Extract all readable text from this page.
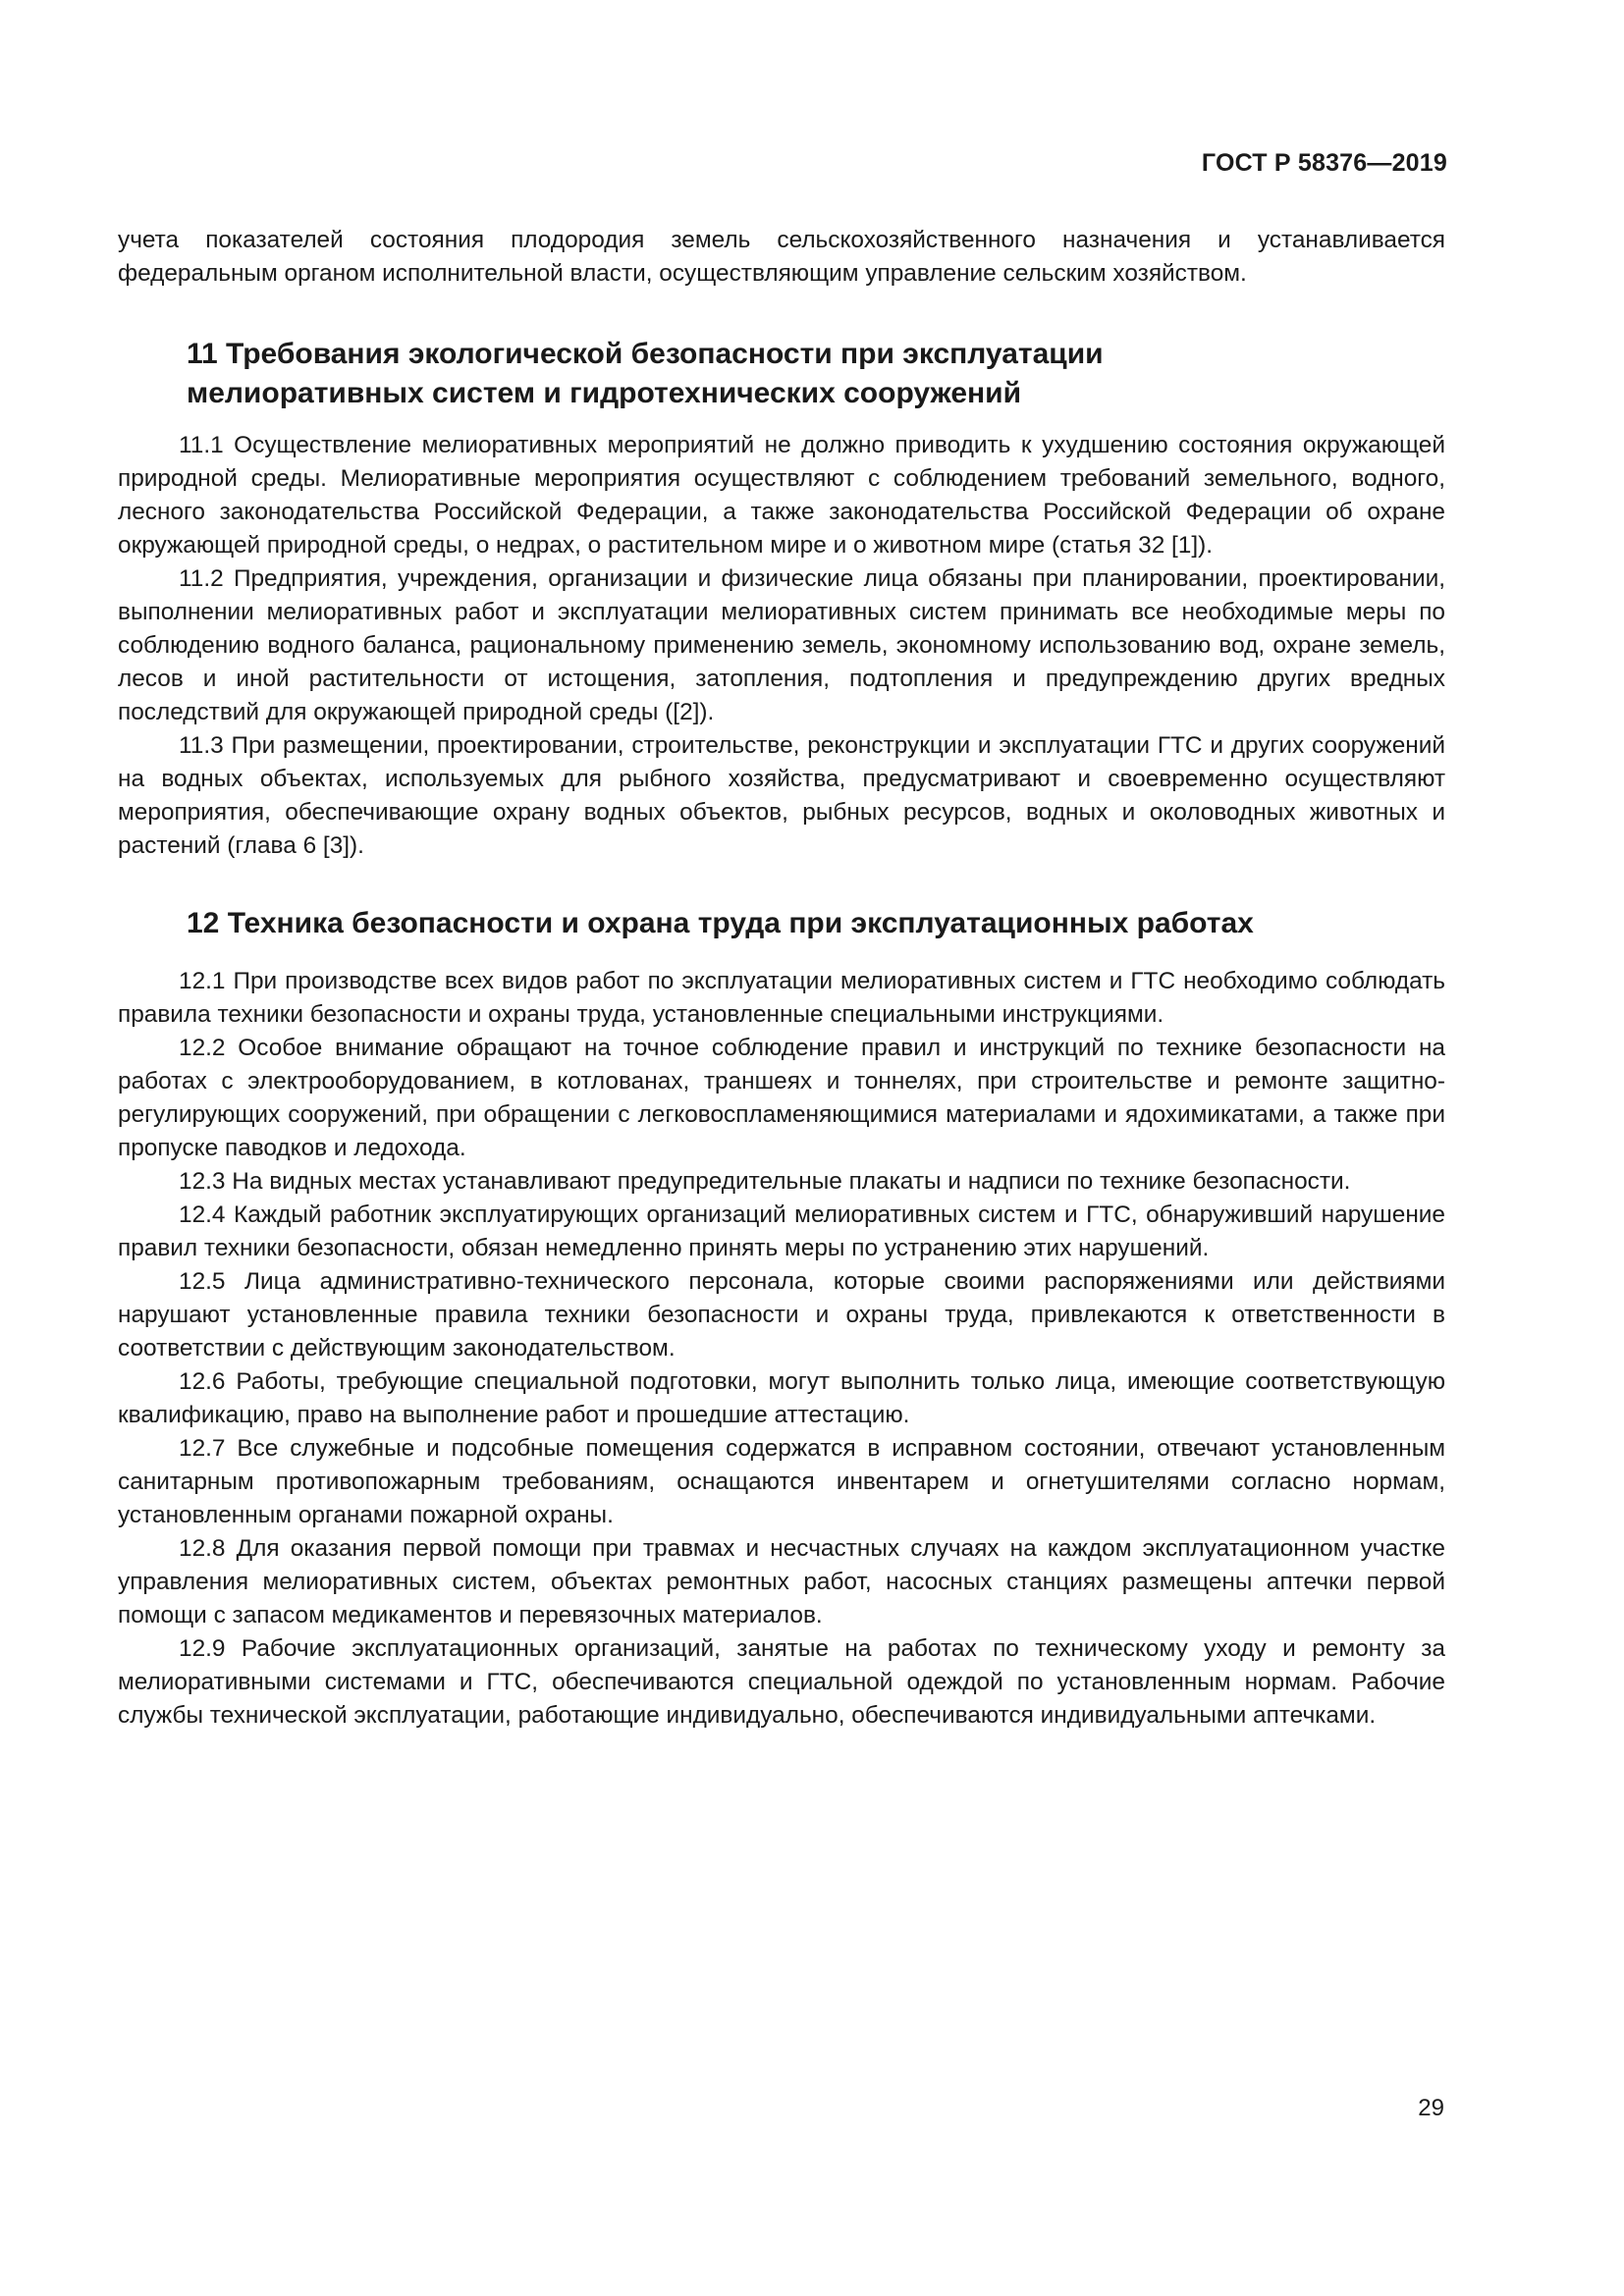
ГОСТ Р 58376—2019

учета показателей состояния плодородия земель сельскохозяйственного назначения и устанавливается федеральным органом исполнительной власти, осуществляющим управление сельским хозяйством.

11 Требования экологической безопасности при эксплуатации
мелиоративных систем и гидротехнических сооружений

11.1 Осуществление мелиоративных мероприятий не должно приводить к ухудшению состояния окружающей природной среды. Мелиоративные мероприятия осуществляют с соблюдением требований земельного, водного, лесного законодательства Российской Федерации, а также законодательства Российской Федерации об охране окружающей природной среды, о недрах, о растительном мире и о животном мире (статья 32 [1]).

11.2 Предприятия, учреждения, организации и физические лица обязаны при планировании, проектировании, выполнении мелиоративных работ и эксплуатации мелиоративных систем принимать все необходимые меры по соблюдению водного баланса, рациональному применению земель, экономному использованию вод, охране земель, лесов и иной растительности от истощения, затопления, подтопления и предупреждению других вредных последствий для окружающей природной среды ([2]).

11.3 При размещении, проектировании, строительстве, реконструкции и эксплуатации ГТС и других сооружений на водных объектах, используемых для рыбного хозяйства, предусматривают и своевременно осуществляют мероприятия, обеспечивающие охрану водных объектов, рыбных ресурсов, водных и околоводных животных и растений (глава 6 [3]).

12 Техника безопасности и охрана труда при эксплуатационных работах

12.1 При производстве всех видов работ по эксплуатации мелиоративных систем и ГТС необходимо соблюдать правила техники безопасности и охраны труда, установленные специальными инструкциями.

12.2 Особое внимание обращают на точное соблюдение правил и инструкций по технике безопасности на работах с электрооборудованием, в котлованах, траншеях и тоннелях, при строительстве и ремонте защитно-регулирующих сооружений, при обращении с легковоспламеняющимися материалами и ядохимикатами, а также при пропуске паводков и ледохода.

12.3 На видных местах устанавливают предупредительные плакаты и надписи по технике безопасности.

12.4 Каждый работник эксплуатирующих организаций мелиоративных систем и ГТС, обнаруживший нарушение правил техники безопасности, обязан немедленно принять меры по устранению этих нарушений.

12.5 Лица административно-технического персонала, которые своими распоряжениями или действиями нарушают установленные правила техники безопасности и охраны труда, привлекаются к ответственности в соответствии с действующим законодательством.

12.6 Работы, требующие специальной подготовки, могут выполнить только лица, имеющие соответствующую квалификацию, право на выполнение работ и прошедшие аттестацию.

12.7 Все служебные и подсобные помещения содержатся в исправном состоянии, отвечают установленным санитарным противопожарным требованиям, оснащаются инвентарем и огнетушителями согласно нормам, установленным органами пожарной охраны.

12.8 Для оказания первой помощи при травмах и несчастных случаях на каждом эксплуатационном участке управления мелиоративных систем, объектах ремонтных работ, насосных станциях размещены аптечки первой помощи с запасом медикаментов и перевязочных материалов.

12.9 Рабочие эксплуатационных организаций, занятые на работах по техническому уходу и ремонту за мелиоративными системами и ГТС, обеспечиваются специальной одеждой по установленным нормам. Рабочие службы технической эксплуатации, работающие индивидуально, обеспечиваются индивидуальными аптечками.

29
